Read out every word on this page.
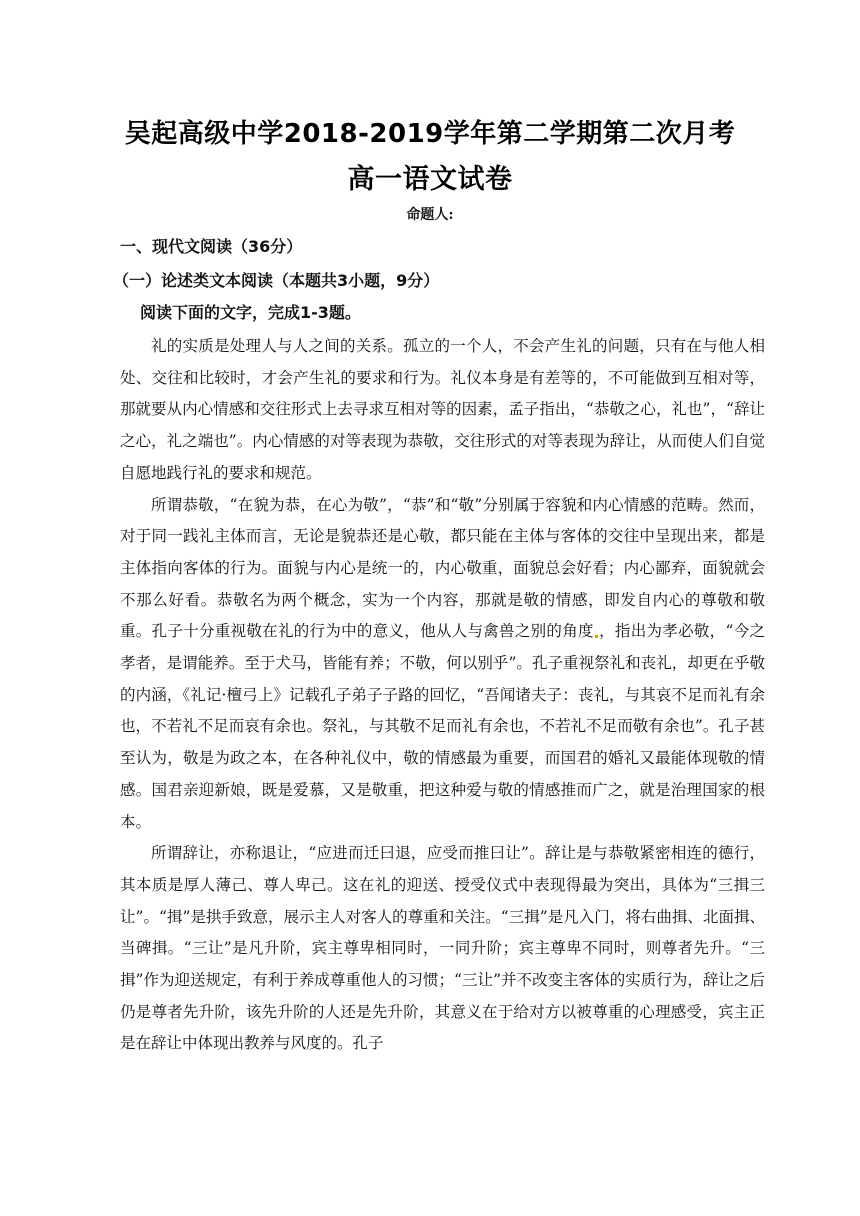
吴起高级中学2018-2019学年第二学期第二次月考
高一语文试卷
命题人:
一、现代文阅读（36分）
（一）论述类文本阅读（本题共3小题，9分）
阅读下面的文字，完成1-3题。

礼的实质是处理人与人之间的关系。孤立的一个人，不会产生礼的问题，只有在与他人相处、交往和比较时，才会产生礼的要求和行为。礼仪本身是有差等的，不可能做到互相对等，那就要从内心情感和交往形式上去寻求互相对等的因素，孟子指出，“恭敬之心，礼也”，“辞让之心，礼之端也”。内心情感的对等表现为恭敬，交往形式的对等表现为辞让，从而使人们自觉自愿地践行礼的要求和规范。

所谓恭敬，“在貌为恭，在心为敬”，“恭”和“敬”分别属于容貌和内心情感的范畴。然而，对于同一践礼主体而言，无论是貌恭还是心敬，都只能在主体与客体的交往中呈现出来，都是主体指向客体的行为。面貌与内心是统一的，内心敬重，面貌总会好看；内心鄙弃，面貌就会不那么好看。恭敬名为两个概念，实为一个内容，那就是敬的情感，即发自内心的尊敬和敬重。孔子十分重视敬在礼的行为中的意义，他从人与禽兽之别的角度 ，指出为孝必敬，“今之孝者，是谓能养。至于犬马，皆能有养；不敬，何以别乎”。孔子重视祭礼和丧礼，却更在乎敬的内涵，《礼记·檀弓上》记载孔子弟子子路的回忆，“吾闻诸夫子：丧礼，与其哀不足而礼有余也，不若礼不足而哀有余也。祭礼，与其敬不足而礼有余也，不若礼不足而敬有余也”。孔子甚至认为，敬是为政之本，在各种礼仪中，敬的情感最为重要，而国君的婚礼又最能体现敬的情感。国君亲迎新娘，既是爱慕，又是敬重，把这种爱与敬的情感推而广之，就是治理国家的根本。

所谓辞让，亦称退让，“应进而迁曰退，应受而推曰让”。辞让是与恭敬紧密相连的德行，其本质是厚人薄己、尊人卑己。这在礼的迎送、授受仪式中表现得最为突出，具体为“三揖三让”。“揖”是拱手致意，展示主人对客人的尊重和关注。“三揖”是凡入门，将右曲揖、北面揖、当碑揖。“三让”是凡升阶，宾主尊卑相同时，一同升阶；宾主尊卑不同时，则尊者先升。“三揖”作为迎送规定，有利于养成尊重他人的习惯；“三让”并不改变主客体的实质行为，辞让之后仍是尊者先升阶，该先升阶的人还是先升阶，其意义在于给对方以被尊重的心理感受，宾主正是在辞让中体现出教养与风度的。孔子
